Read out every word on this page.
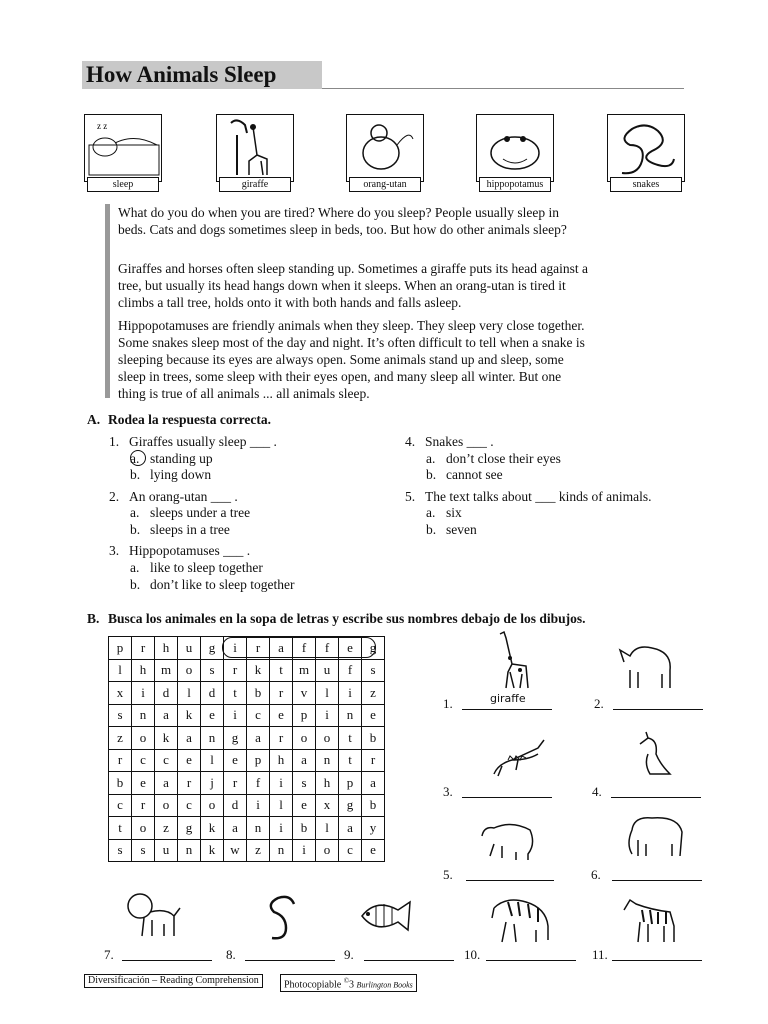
How Animals Sleep
z z
sleep	giraffe	orang-utan	hippopotamus	snakes
What do you do when you are tired? Where do you sleep? People usually sleep in beds. Cats and dogs sometimes sleep in beds, too. But how do other animals sleep?
Giraffes and horses often sleep standing up. Sometimes a giraffe puts its head against a tree, but usually its head hangs down when it sleeps. When an orang-utan is tired it climbs a tall tree, holds onto it with both hands and falls asleep.
Hippopotamuses are friendly animals when they sleep. They sleep very close together. Some snakes sleep most of the day and night. It’s often difficult to tell when a snake is sleeping because its eyes are always open. Some animals stand up and sleep, some sleep in trees, some sleep with their eyes open, and many sleep all winter. But one thing is true of all animals ... all animals sleep.
A. Rodea la respuesta correcta.
1. Giraffes usually sleep ___ .
a. standing up
b. lying down
2. An orang-utan ___ .
a. sleeps under a tree
b. sleeps in a tree
3. Hippopotamuses ___ .
a. like to sleep together
b. don’t like to sleep together
4. Snakes ___ .
a. don’t close their eyes
b. cannot see
5. The text talks about ___ kinds of animals.
a. six
b. seven
B. Busca los animales en la sopa de letras y escribe sus nombres debajo de los dibujos.
p	r	h	u	g	i	r	a	f	f	e	g
l	h	m	o	s	r	k	t	m	u	f	s
x	i	d	l	d	t	b	r	v	l	i	z
s	n	a	k	e	i	c	e	p	i	n	e
z	o	k	a	n	g	a	r	o	o	t	b
r	c	c	e	l	e	p	h	a	n	t	r
b	e	a	r	j	r	f	i	s	h	p	a
c	r	o	c	o	d	i	l	e	x	g	b
t	o	z	g	k	a	n	i	b	l	a	y
s	s	u	n	k	w	z	n	i	o	c	e
1.	giraffe	2.
3.	4.
5.	6.
7.	8.	9.	10.	11.
Diversificación – Reading Comprehension	Photocopiable ©3 Burlington Books
